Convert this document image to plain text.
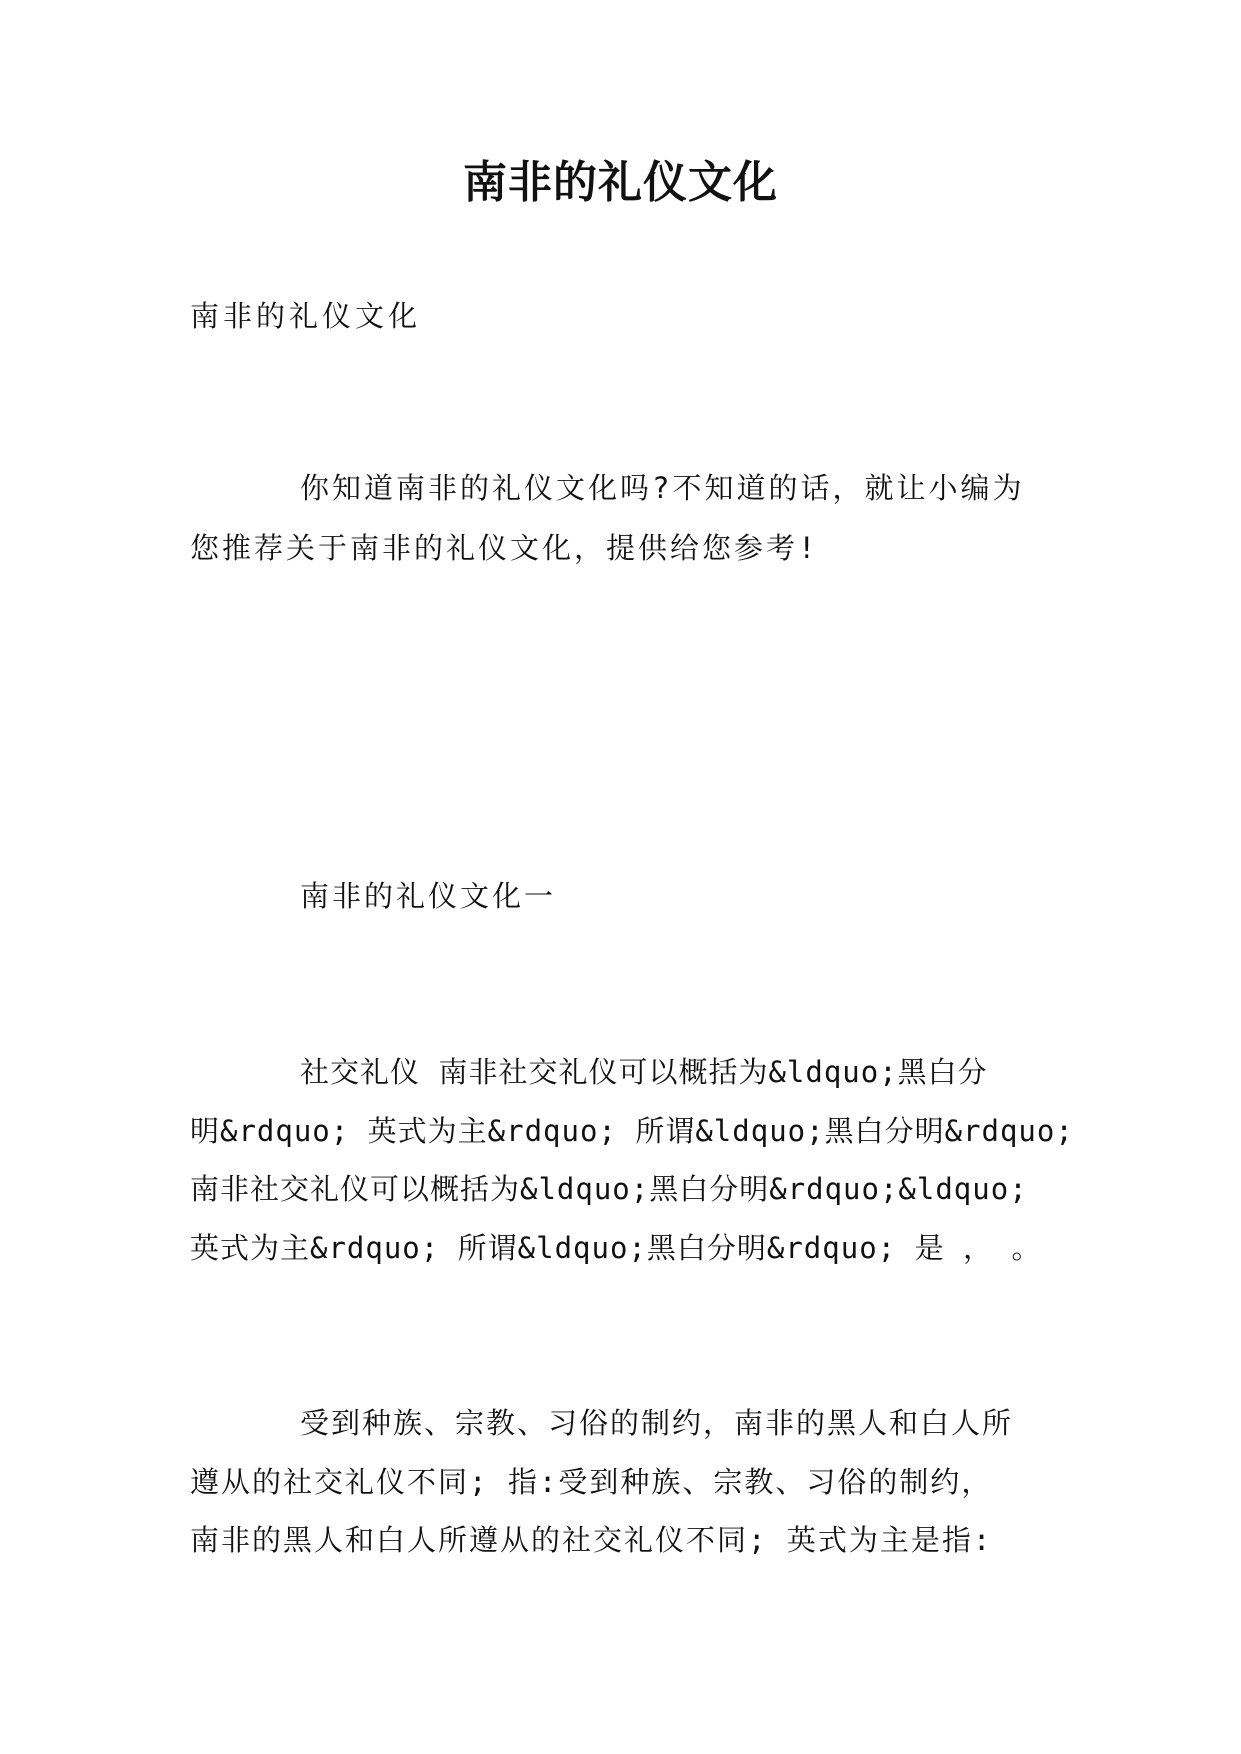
南非的礼仪文化
南非的礼仪文化
你知道南非的礼仪文化吗?不知道的话，就让小编为
您推荐关于南非的礼仪文化，提供给您参考!
南非的礼仪文化一
社交礼仪 南非社交礼仪可以概括为&ldquo;黑白分
明&rdquo; 英式为主&rdquo; 所谓&ldquo;黑白分明&rdquo;
南非社交礼仪可以概括为&ldquo;黑白分明&rdquo;&ldquo;
英式为主&rdquo; 所谓&ldquo;黑白分明&rdquo; 是 ， 。
受到种族、宗教、习俗的制约，南非的黑人和白人所
遵从的社交礼仪不同; 指:受到种族、宗教、习俗的制约，
南非的黑人和白人所遵从的社交礼仪不同; 英式为主是指:
